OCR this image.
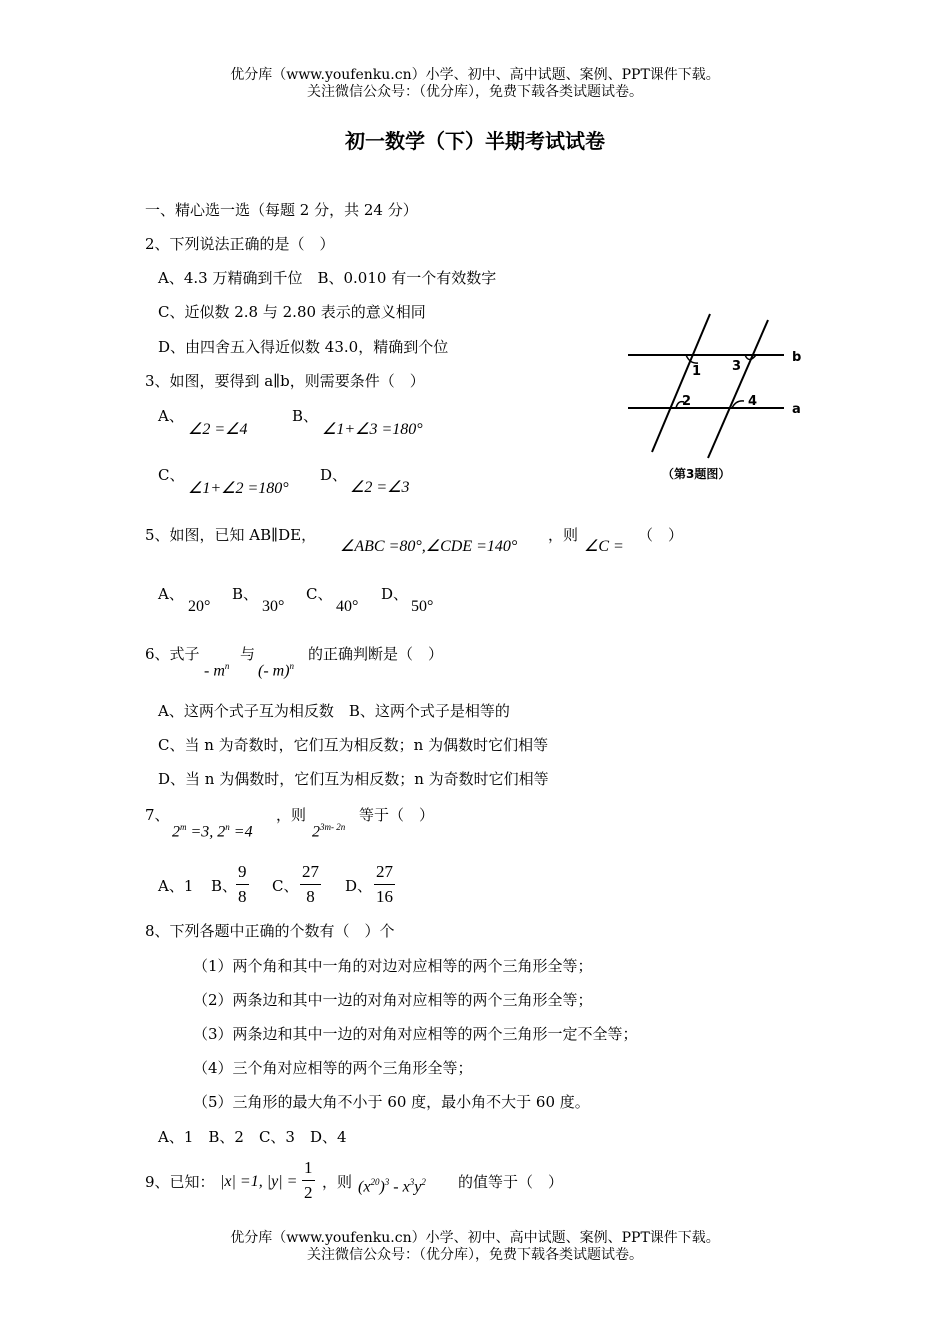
优分库（www.youfenku.cn）小学、初中、高中试题、案例、PPT课件下载。
关注微信公众号：（优分库），免费下载各类试题试卷。
初一数学（下）半期考试试卷
一、精心选一选（每题 2 分，共 24 分）
2、下列说法正确的是（　）
A、4.3 万精确到千位　B、0.010 有一个有效数字
C、近似数 2.8 与 2.80 表示的意义相同
D、由四舍五入得近似数 43.0，精确到个位
3、如图，要得到 a∥b，则需要条件（　）
A、
∠2 =∠4
B、
∠1+∠3 =180°
C、
∠1+∠2 =180°
D、
∠2 =∠3
1 3
2	4
b
a
（第3题图）
5、如图，已知 AB∥DE，
∠ABC =80°,∠CDE =140°
，则
∠C =
（　）
A、
20°
B、
30°
C、
40°
D、
50°
6、式子
- $m^n$
与
(- m)$^n$
的正确判断是（　）
A、这两个式子互为相反数　B、这两个式子是相等的
C、当 n 为奇数时，它们互为相反数；n 为偶数时它们相等
D、当 n 为偶数时，它们互为相反数；n 为奇数时它们相等
7、
$2^m =3$, $2^n =4$
，则
$2^{3m- 2n}$
等于（　）
A、1 B、
$\frac{9}{8}$ C、 $\frac{27}{8}$ D、 $\frac{27}{16}$
8、下列各题中正确的个数有（　）个
（1）两个角和其中一角的对边对应相等的两个三角形全等；
（2）两条边和其中一边的对角对应相等的两个三角形全等；
（3）两条边和其中一边的对角对应相等的两个三角形一定不全等；
（4）三个角对应相等的两个三角形全等；
（5）三角形的最大角不小于 60 度，最小角不大于 60 度。
A、1　B、2　C、3　D、4
9、已知： |x| =1, $|y| = \frac{1}{2}$ ，则 $(x^{20})^3 - x^3y^2$ 的值等于（　）
优分库（www.youfenku.cn）小学、初中、高中试题、案例、PPT课件下载。
关注微信公众号：（优分库），免费下载各类试题试卷。
